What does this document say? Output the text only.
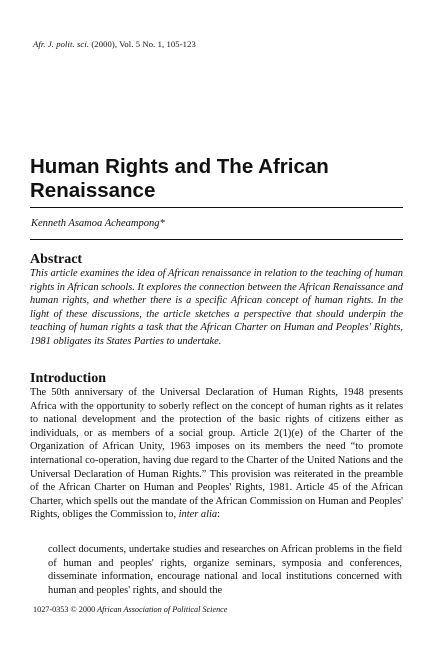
Afr. J. polit. sci. (2000), Vol. 5 No. 1, 105-123
Human Rights and The African Renaissance
Kenneth Asamoa Acheampong*
Abstract

This article examines the idea of African renaissance in relation to the teaching of human rights in African schools. It explores the connection between the African Renaissance and human rights, and whether there is a specific African concept of human rights. In the light of these discussions, the article sketches a perspective that should underpin the teaching of human rights a task that the African Charter on Human and Peoples' Rights, 1981 obligates its States Parties to undertake.

Introduction

The 50th anniversary of the Universal Declaration of Human Rights, 1948 presents Africa with the opportunity to soberly reflect on the concept of human rights as it relates to national development and the protection of the basic rights of citizens either as individuals, or as members of a social group. Article 2(1)(e) of the Charter of the Organization of African Unity, 1963 imposes on its members the need “to promote international co-operation, having due regard to the Charter of the United Nations and the Universal Declaration of Human Rights.” This provision was reiterated in the preamble of the African Charter on Human and Peoples' Rights, 1981. Article 45 of the African Charter, which spells out the mandate of the African Commission on Human and Peoples' Rights, obliges the Commission to, inter alia:

collect documents, undertake studies and researches on African problems in the field of human and peoples' rights, organize seminars, symposia and conferences, disseminate information, encourage national and local institutions concerned with human and peoples' rights, and should the

1027-0353 © 2000 African Association of Political Science
